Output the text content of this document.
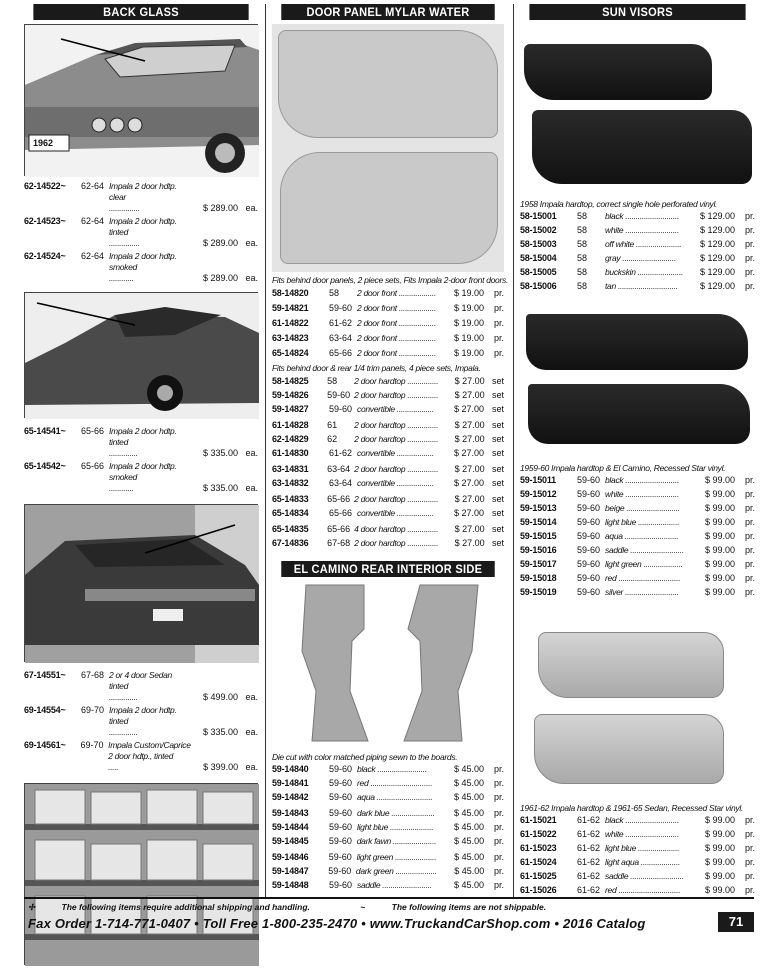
BACK GLASS
1962
62-14522~	62-64 Impala 2 door hdtp.
clear
...............	$ 289.00 ea.
62-14523~	62-64 Impala 2 door hdtp.
tinted
...............	$ 289.00 ea.
62-14524~	62-64 Impala 2 door hdtp.
smoked
............	$ 289.00 ea.
65-14541~	65-66 Impala 2 door hdtp.
tinted
..............	$ 335.00 ea.
65-14542~	65-66 Impala 2 door hdtp.
smoked
............	$ 335.00 ea.
67-14551~	67-68 2 or 4 door Sedan
tinted
..............	$ 499.00 ea.
69-14554~	69-70 Impala 2 door hdtp.
tinted
..............	$ 335.00 ea.
69-14561~	69-70 Impala Custom/Caprice
2 door hdtp., tinted
.....	$ 399.00 ea.
DOOR PANEL MYLAR WATER
Fits behind door panels, 2 piece sets, Fits Impala 2-door front doors.
58-14820	58	2 door front ..................	$ 19.00	pr.
59-14821	59-60 2 door front ..................	$ 19.00	pr.
61-14822	61-62 2 door front ..................	$ 19.00	pr.
63-14823	63-64 2 door front ..................	$ 19.00	pr.
65-14824	65-66 2 door front ..................	$ 19.00	pr.
Fits behind door & rear 1/4 trim panels, 4 piece sets, Impala.
58-14825	58	2 door hardtop ...............	$ 27.00 set
59-14826	59-60 2 door hardtop ...............	$ 27.00 set
59-14827	59-60 convertible ..................	$ 27.00 set
61-14828	61	2 door hardtop ...............	$ 27.00 set
62-14829	62	2 door hardtop ...............	$ 27.00 set
61-14830	61-62 convertible ..................	$ 27.00 set
63-14831	63-64 2 door hardtop ...............	$ 27.00 set
63-14832	63-64 convertible ..................	$ 27.00 set
65-14833	65-66 2 door hardtop ...............	$ 27.00 set
65-14834	65-66 convertible ..................	$ 27.00 set
65-14835	65-66 4 door hardtop ...............	$ 27.00 set
67-14836	67-68 2 door hardtop ...............	$ 27.00 set
EL CAMINO REAR INTERIOR SIDE PANELS
Die cut with color matched piping sewn to the boards.
59-14840	59-60 black ........................	$ 45.00	pr.
59-14841	59-60 red ..............................	$ 45.00	pr.
59-14842	59-60 aqua ...........................	$ 45.00	pr.
59-14843	59-60 dark blue .....................	$ 45.00	pr.
59-14844	59-60 light blue .....................	$ 45.00	pr.
59-14845	59-60 dark fawn .....................	$ 45.00	pr.
59-14846	59-60 light green ....................	$ 45.00	pr.
59-14847	59-60 dark green ....................	$ 45.00	pr.
59-14848	59-60 saddle ........................	$ 45.00	pr.
SUN VISORS
1958 Impala hardtop, correct single hole perforated vinyl.
58-15001	58	black ..........................	$ 129.00	pr.
58-15002	58	white ..........................	$ 129.00	pr.
58-15003	58	off white ......................	$ 129.00	pr.
58-15004	58	gray ..........................	$ 129.00	pr.
58-15005	58	buckskin ......................	$ 129.00	pr.
58-15006	58	tan .............................	$ 129.00	pr.
1959-60 Impala hardtop & El Camino, Recessed Star vinyl.
59-15011	59-60 black ..........................	$ 99.00	pr.
59-15012	59-60 white ..........................	$ 99.00	pr.
59-15013	59-60 beige ..........................	$ 99.00	pr.
59-15014	59-60 light blue ....................	$ 99.00	pr.
59-15015	59-60 aqua ..........................	$ 99.00	pr.
59-15016	59-60 saddle ..........................	$ 99.00	pr.
59-15017	59-60 light green ...................	$ 99.00	pr.
59-15018	59-60 red ..............................	$ 99.00	pr.
59-15019	59-60 silver ..........................	$ 99.00	pr.
1961-62 Impala hardtop & 1961-65 Sedan, Recessed Star vinyl.
61-15021	61-62 black ..........................	$ 99.00	pr.
61-15022	61-62 white ..........................	$ 99.00	pr.
61-15023	61-62 light blue ....................	$ 99.00	pr.
61-15024	61-62 light aqua ...................	$ 99.00	pr.
61-15025	61-62 saddle ..........................	$ 99.00	pr.
61-15026	61-62 red ..............................	$ 99.00	pr.
✢	The following items require additional shipping and handling.	~	The following items are not shippable.
Fax Order 1-714-771-0407 • Toll Free 1-800-235-2470 • www.TruckandCarShop.com • 2016 Catalog	71
